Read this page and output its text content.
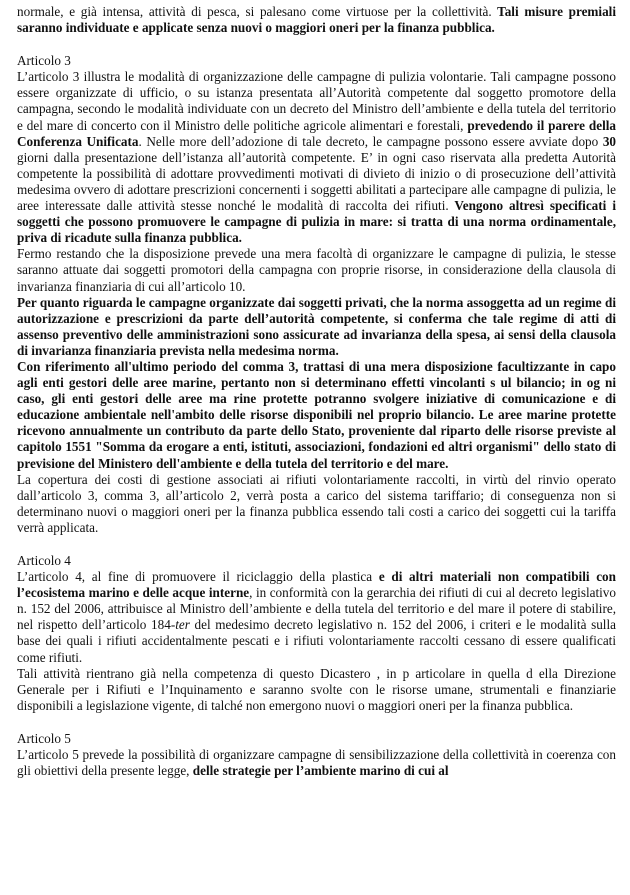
normale, e già intensa, attività di pesca, si palesano come virtuose per la collettività. Tali misure premiali saranno individuate e applicate senza nuovi o maggiori oneri per la finanza pubblica.

Articolo 3

L’articolo 3 illustra le modalità di organizzazione delle campagne di pulizia volontarie. Tali campagne possono essere organizzate di ufficio, o su istanza presentata all’Autorità competente dal soggetto promotore della campagna, secondo le modalità individuate con un decreto del Ministro dell’ambiente e della tutela del territorio e del mare di concerto con il Ministro delle politiche agricole alimentari e forestali, prevedendo il parere della Conferenza Unificata. Nelle more dell’adozione di tale decreto, le campagne possono essere avviate dopo 30 giorni dalla presentazione dell’istanza all’autorità competente. E’ in ogni caso riservata alla predetta Autorità competente la possibilità di adottare provvedimenti motivati di divieto di inizio o di prosecuzione dell’attività medesima ovvero di adottare prescrizioni concernenti i soggetti abilitati a partecipare alle campagne di pulizia, le aree interessate dalle attività stesse nonché le modalità di raccolta dei rifiuti. Vengono altresì specificati i soggetti che possono promuovere le campagne di pulizia in mare: si tratta di una norma ordinamentale, priva di ricadute sulla finanza pubblica.

Fermo restando che la disposizione prevede una mera facoltà di organizzare le campagne di pulizia, le stesse saranno attuate dai soggetti promotori della campagna con proprie risorse, in considerazione della clausola di invarianza finanziaria di cui all’articolo 10.

Per quanto riguarda le campagne organizzate dai soggetti privati, che la norma assoggetta ad un regime di autorizzazione e prescrizioni da parte dell’autorità competente, si conferma che tale regime di atti di assenso preventivo delle amministrazioni sono assicurate ad invarianza della spesa, ai sensi della clausola di invarianza finanziaria prevista nella medesima norma.

Con riferimento all'ultimo periodo del comma 3, trattasi di una mera disposizione facultizzante in capo agli enti gestori delle aree marine, pertanto non si determinano effetti vincolanti s ul bilancio; in og ni caso, gli enti gestori delle aree ma rine protette potranno svolgere iniziative di comunicazione e di educazione ambientale nell'ambito delle risorse disponibili nel proprio bilancio. Le aree marine protette ricevono annualmente un contributo da parte dello Stato, proveniente dal riparto delle risorse previste al capitolo 1551 "Somma da erogare a enti, istituti, associazioni, fondazioni ed altri organismi" dello stato di previsione del Ministero dell'ambiente e della tutela del territorio e del mare.

La copertura dei costi di gestione associati ai rifiuti volontariamente raccolti, in virtù del rinvio operato dall’articolo 3, comma 3, all’articolo 2, verrà posta a carico del sistema tariffario; di conseguenza non si determinano nuovi o maggiori oneri per la finanza pubblica essendo tali costi a carico dei soggetti cui la tariffa verrà applicata.

Articolo 4

L’articolo 4, al fine di promuovere il riciclaggio della plastica e di altri materiali non compatibili con l’ecosistema marino e delle acque interne, in conformità con la gerarchia dei rifiuti di cui al decreto legislativo n. 152 del 2006, attribuisce al Ministro dell’ambiente e della tutela del territorio e del mare il potere di stabilire, nel rispetto dell’articolo 184-ter del medesimo decreto legislativo n. 152 del 2006, i criteri e le modalità sulla base dei quali i rifiuti accidentalmente pescati e i rifiuti volontariamente raccolti cessano di essere qualificati come rifiuti.

Tali attività rientrano già nella competenza di questo Dicastero , in p articolare in quella d ella Direzione Generale per i Rifiuti e l’Inquinamento e saranno svolte con le risorse umane, strumentali e finanziarie disponibili a legislazione vigente, di talché non emergono nuovi o maggiori oneri per la finanza pubblica.

Articolo 5

L’articolo 5 prevede la possibilità di organizzare campagne di sensibilizzazione della collettività in coerenza con gli obiettivi della presente legge, delle strategie per l’ambiente marino di cui al
